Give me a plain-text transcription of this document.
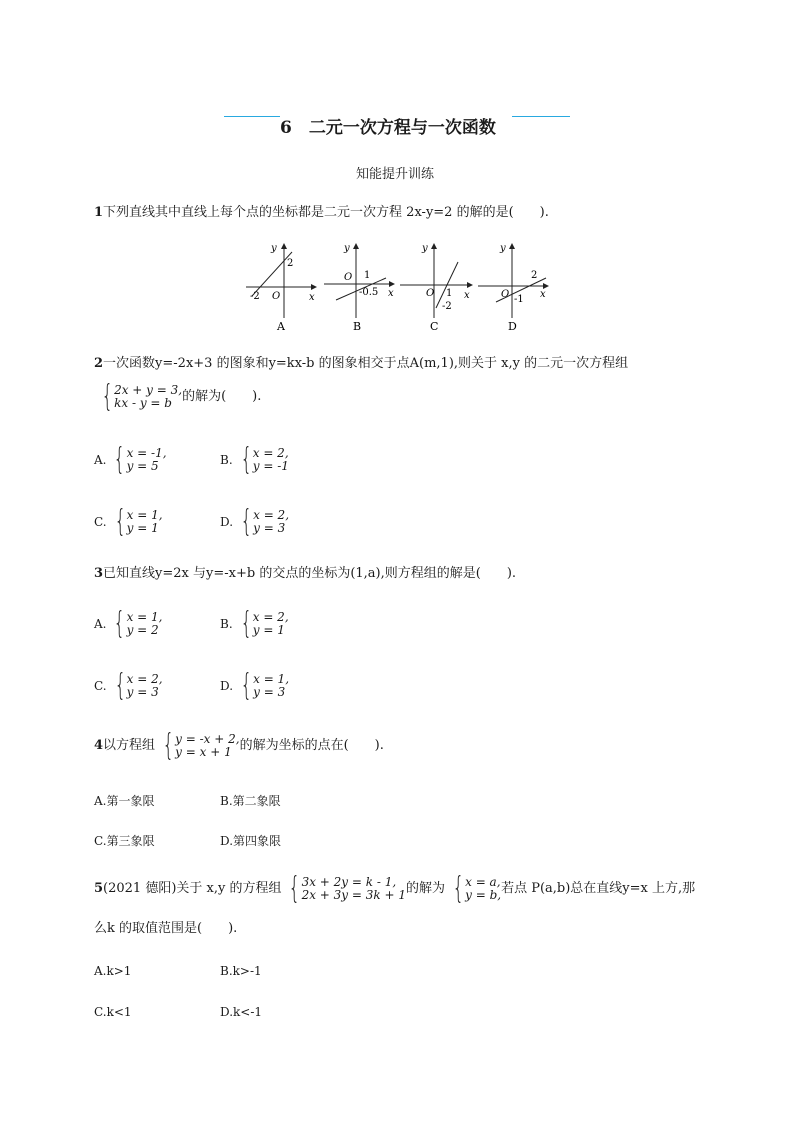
6　二元一次方程与一次函数
知能提升训练
1下列直线其中直线上每个点的坐标都是二元一次方程 2x-y=2 的解的是(　　).
y
x
O
2
-2
A
y
x
O 1
-0.5
B
y
x
O 1
-2
C
y
x
O
2
-1
D
2一次函数y=-2x+3 的图象和y=kx-b 的图象相交于点A(m,1),则关于 x,y 的二元一次方程组
{ 2x + y = 3,
kx - y = b 的解为(　　).
A. { x = -1,
y = 5	B. { x = 2,
y = -1
C. { x = 1,
y = 1	D. { x = 2,
y = 3
3已知直线y=2x 与y=-x+b 的交点的坐标为(1,a),则方程组的解是(　　).
A. { x = 1,
y = 2	B. { x = 2,
y = 1
C. { x = 2,
y = 3	D. { x = 1,
y = 3
4 以方程组 { y = -x + 2,
y = x + 1 的解为坐标的点在(　　).
A. 第一象限	B. 第二象限
C. 第三象限	D. 第四象限
5 (2021 德阳)关于 x,y 的方程组 { 3x + 2y = k - 1,
2x + 3y = 3k + 1 的解为 { x = a,
y = b, 若点 P(a,b)总在直线y=x 上方,那
么k 的取值范围是(　　).
A. k>1	B. k>-1
C. k<1	D. k<-1
